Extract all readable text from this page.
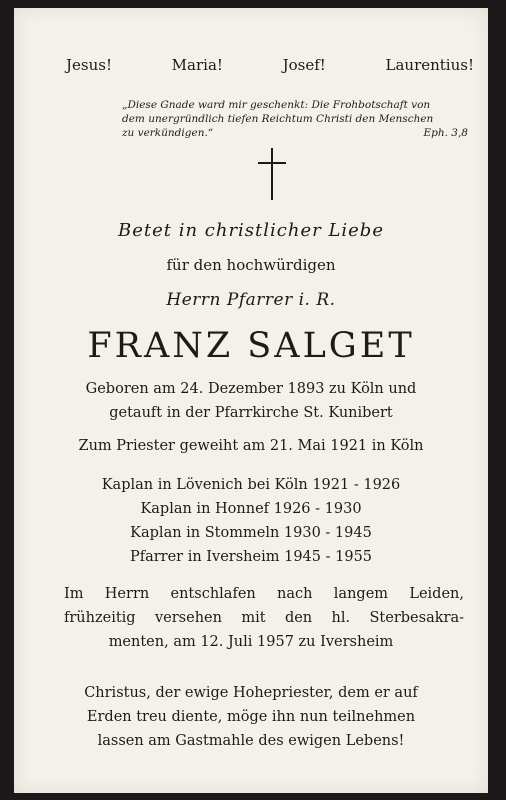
Jesus!	Maria!	Josef!	Laurentius!
„Diese Gnade ward mir geschenkt: Die Frohbotschaft von
dem unergründlich tiefen Reichtum Christi den Menschen
zu verkündigen.“	Eph. 3,8
Betet in christlicher Liebe
für den hochwürdigen
Herrn Pfarrer i. R.
FRANZ SALGET
Geboren am 24. Dezember 1893 zu Köln und
getauft in der Pfarrkirche St. Kunibert
Zum Priester geweiht am 21. Mai 1921 in Köln
Kaplan in Lövenich bei Köln 1921 - 1926
Kaplan in Honnef 1926 - 1930
Kaplan in Stommeln 1930 - 1945
Pfarrer in Iversheim 1945 - 1955
Im Herrn entschlafen nach langem Leiden,
frühzeitig versehen mit den hl. Sterbesakra-
menten, am 12. Juli 1957 zu Iversheim
Christus, der ewige Hohepriester, dem er auf
Erden treu diente, möge ihn nun teilnehmen
lassen am Gastmahle des ewigen Lebens!
